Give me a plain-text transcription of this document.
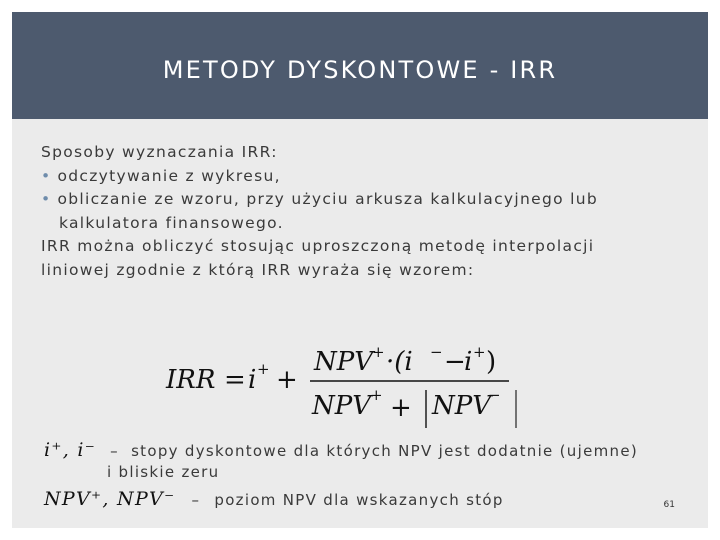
METODY DYSKONTOWE - IRR
Sposoby wyznaczania IRR:
• odczytywanie z wykresu,
• obliczanie ze wzoru, przy użyciu arkusza kalkulacyjnego lub
kalkulatora finansowego.
IRR można obliczyć stosując uproszczoną metodę interpolacji
liniowej zgodnie z którą IRR wyraża się wzorem:
IRR = i + +
NPV
+ ·(i − −
i + )
NPV
+ + NPV
−
i⁺, i⁻ – stopy dyskontowe dla których NPV jest dodatnie (ujemne)
i bliskie zeru
NPV⁺, NPV⁻ – poziom NPV dla wskazanych stóp	61
